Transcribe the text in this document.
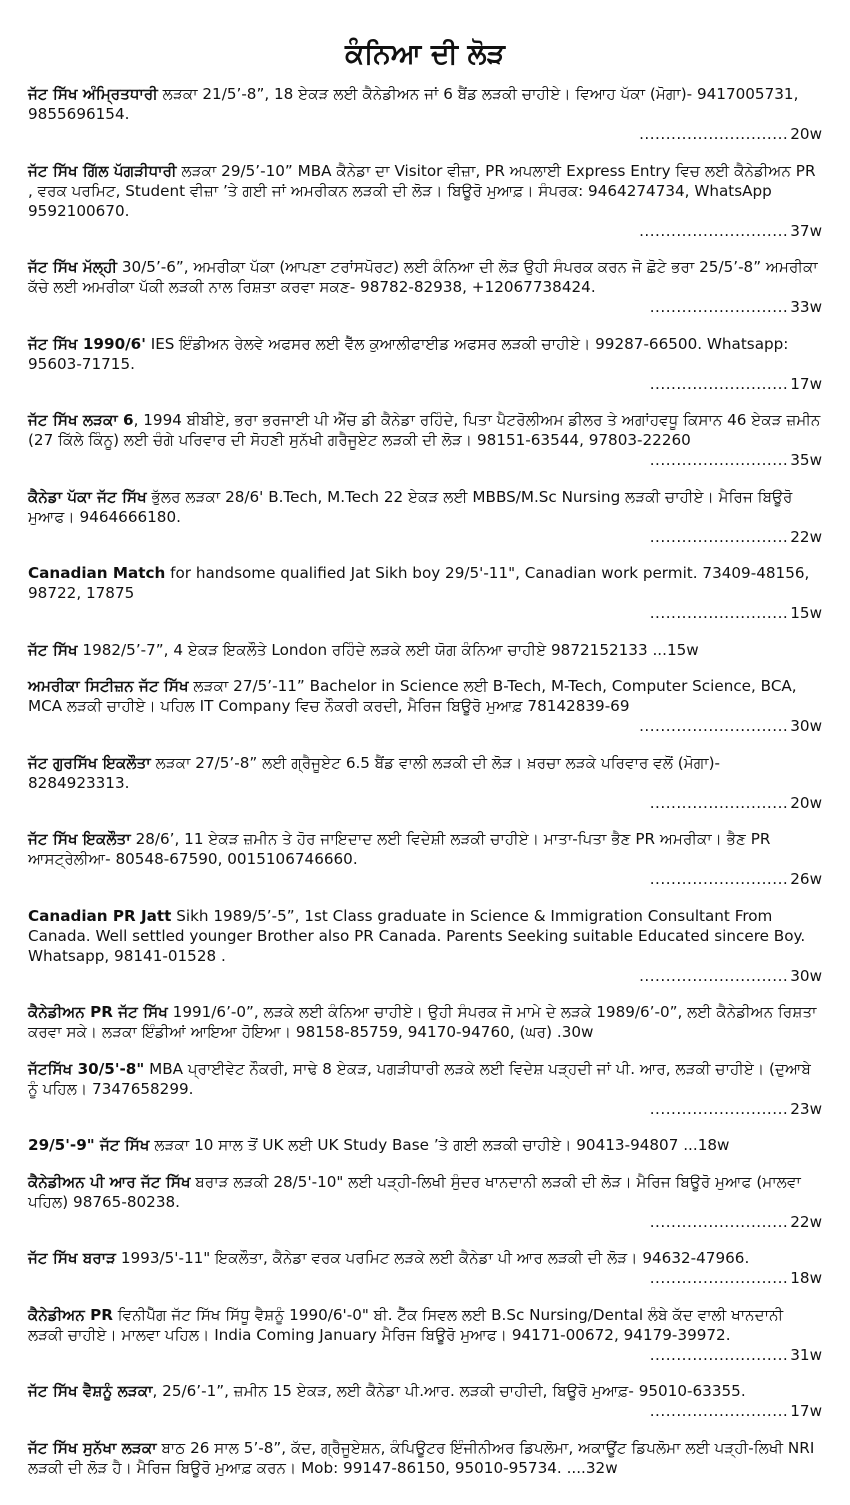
ਕੰਨਿਆ ਦੀ ਲੋੜ
ਜੱਟ ਸਿੱਖ ਅੰਮ੍ਰਿਤਧਾਰੀ ਲੜਕਾ 21/5’-8”, 18 ਏਕੜ ਲਈ ਕੈਨੇਡੀਅਨ ਜਾਂ 6 ਬੈਂਡ ਲੜਕੀ ਚਾਹੀਏ। ਵਿਆਹ ਪੱਕਾ (ਮੋਗਾ)- 9417005731, 9855696154.
............................ 20w
ਜੱਟ ਸਿੱਖ ਗਿੱਲ ਪੱਗੜੀਧਾਰੀ ਲੜਕਾ 29/5’-10” MBA ਕੈਨੇਡਾ ਦਾ Visitor ਵੀਜ਼ਾ, PR ਅਪਲਾਈ Express Entry ਵਿਚ ਲਈ ਕੈਨੇਡੀਅਨ PR , ਵਰਕ ਪਰਮਿਟ, Student ਵੀਜ਼ਾ ’ਤੇ ਗਈ ਜਾਂ ਅਮਰੀਕਨ ਲੜਕੀ ਦੀ ਲੋੜ। ਬਿਊਰੋ ਮੁਆਫ਼। ਸੰਪਰਕ: 9464274734, WhatsApp 9592100670.
............................ 37w
ਜੱਟ ਸਿੱਖ ਮੱਲ੍ਹੀ 30/5’-6”, ਅਮਰੀਕਾ ਪੱਕਾ (ਆਪਣਾ ਟਰਾਂਸਪੋਰਟ) ਲਈ ਕੰਨਿਆ ਦੀ ਲੋੜ ਉਹੀ ਸੰਪਰਕ ਕਰਨ ਜੋ ਛੋਟੇ ਭਰਾ 25/5’-8” ਅਮਰੀਕਾ ਕੱਚੇ ਲਈ ਅਮਰੀਕਾ ਪੱਕੀ ਲੜਕੀ ਨਾਲ ਰਿਸ਼ਤਾ ਕਰਵਾ ਸਕਣ- 98782-82938, +12067738424.
.......................... 33w
ਜੱਟ ਸਿੱਖ 1990/6' IES ਇੰਡੀਅਨ ਰੇਲਵੇ ਅਫਸਰ ਲਈ ਵੈੱਲ ਕੁਆਲੀਫਾਈਡ ਅਫਸਰ ਲੜਕੀ ਚਾਹੀਏ। 99287-66500. Whatsapp: 95603-71715.
.......................... 17w
ਜੱਟ ਸਿੱਖ ਲੜਕਾ 6, 1994 ਬੀਬੀਏ, ਭਰਾ ਭਰਜਾਈ ਪੀ ਐੱਚ ਡੀ ਕੈਨੇਡਾ ਰਹਿੰਦੇ, ਪਿਤਾ ਪੈਟਰੋਲੀਅਮ ਡੀਲਰ ਤੇ ਅਗਾਂਹਵਧੂ ਕਿਸਾਨ 46 ਏਕੜ ਜ਼ਮੀਨ (27 ਕਿੱਲੇ ਕਿੰਨੂ) ਲਈ ਚੰਗੇ ਪਰਿਵਾਰ ਦੀ ਸੋਹਣੀ ਸੁਨੱਖੀ ਗਰੈਜੂਏਟ ਲੜਕੀ ਦੀ ਲੋੜ। 98151-63544, 97803-22260
.......................... 35w
ਕੈਨੇਡਾ ਪੱਕਾ ਜੱਟ ਸਿੱਖ ਭੁੱਲਰ ਲੜਕਾ 28/6' B.Tech, M.Tech 22 ਏਕੜ ਲਈ MBBS/M.Sc Nursing ਲੜਕੀ ਚਾਹੀਏ। ਮੈਰਿਜ ਬਿਊਰੋ ਮੁਆਫ। 9464666180.
.......................... 22w
Canadian Match for handsome qualified Jat Sikh boy 29/5'-11", Canadian work permit. 73409-48156, 98722, 17875
.......................... 15w
ਜੱਟ ਸਿੱਖ 1982/5’-7”, 4 ਏਕੜ ਇਕਲੌਤੇ London ਰਹਿੰਦੇ ਲੜਕੇ ਲਈ ਯੋਗ ਕੰਨਿਆ ਚਾਹੀਏ 9872152133 ...15w
ਅਮਰੀਕਾ ਸਿਟੀਜ਼ਨ ਜੱਟ ਸਿੱਖ ਲੜਕਾ 27/5’-11” Bachelor in Science ਲਈ B-Tech, M-Tech, Computer Science, BCA, MCA ਲੜਕੀ ਚਾਹੀਏ। ਪਹਿਲ IT Company ਵਿਚ ਨੌਕਰੀ ਕਰਦੀ, ਮੈਰਿਜ ਬਿਊਰੋ ਮੁਆਫ਼ 78142839-69
............................ 30w
ਜੱਟ ਗੁਰਸਿੱਖ ਇਕਲੌਤਾ ਲੜਕਾ 27/5’-8” ਲਈ ਗ੍ਰੈਜੂਏਟ 6.5 ਬੈਂਡ ਵਾਲੀ ਲੜਕੀ ਦੀ ਲੋੜ। ਖ਼ਰਚਾ ਲੜਕੇ ਪਰਿਵਾਰ ਵਲੋਂ (ਮੋਗਾ)- 8284923313.
.......................... 20w
ਜੱਟ ਸਿੱਖ ਇਕਲੌਤਾ 28/6’, 11 ਏਕੜ ਜ਼ਮੀਨ ਤੇ ਹੋਰ ਜਾਇਦਾਦ ਲਈ ਵਿਦੇਸ਼ੀ ਲੜਕੀ ਚਾਹੀਏ। ਮਾਤਾ-ਪਿਤਾ ਭੈਣ PR ਅਮਰੀਕਾ। ਭੈਣ PR ਆਸਟ੍ਰੇਲੀਆ- 80548-67590, 0015106746660.
.......................... 26w
Canadian PR Jatt Sikh 1989/5’-5”, 1st Class graduate in Science & Immigration Consultant From Canada. Well settled younger Brother also PR Canada. Parents Seeking suitable Educated sincere Boy. Whatsapp, 98141-01528 .
............................ 30w
ਕੈਨੇਡੀਅਨ PR ਜੱਟ ਸਿੱਖ 1991/6’-0”, ਲੜਕੇ ਲਈ ਕੰਨਿਆ ਚਾਹੀਏ। ਉਹੀ ਸੰਪਰਕ ਜੋ ਮਾਮੇ ਦੇ ਲੜਕੇ 1989/6’-0”, ਲਈ ਕੈਨੇਡੀਅਨ ਰਿਸ਼ਤਾ ਕਰਵਾ ਸਕੇ। ਲੜਕਾ ਇੰਡੀਆਂ ਆਇਆ ਹੋਇਆ। 98158-85759, 94170-94760, (ਘਰ) .30w
ਜੱਟਸਿੱਖ 30/5'-8" MBA ਪ੍ਰਾਈਵੇਟ ਨੌਕਰੀ, ਸਾਢੇ 8 ਏਕੜ, ਪਗੜੀਧਾਰੀ ਲੜਕੇ ਲਈ ਵਿਦੇਸ਼ ਪੜ੍ਹਦੀ ਜਾਂ ਪੀ. ਆਰ, ਲੜਕੀ ਚਾਹੀਏ। (ਦੁਆਬੇ ਨੂੰ ਪਹਿਲ। 7347658299.
.......................... 23w
29/5'-9" ਜੱਟ ਸਿੱਖ ਲੜਕਾ 10 ਸਾਲ ਤੋਂ UK ਲਈ UK Study Base ’ਤੇ ਗਈ ਲੜਕੀ ਚਾਹੀਏ। 90413-94807 ...18w
ਕੈਨੇਡੀਅਨ ਪੀ ਆਰ ਜੱਟ ਸਿੱਖ ਬਰਾੜ ਲੜਕੀ 28/5'-10" ਲਈ ਪੜ੍ਹੀ-ਲਿਖੀ ਸੁੰਦਰ ਖਾਨਦਾਨੀ ਲੜਕੀ ਦੀ ਲੋੜ। ਮੈਰਿਜ ਬਿਊਰੋ ਮੁਆਫ (ਮਾਲਵਾ ਪਹਿਲ) 98765-80238.
.......................... 22w
ਜੱਟ ਸਿੱਖ ਬਰਾੜ 1993/5'-11" ਇਕਲੌਤਾ, ਕੈਨੇਡਾ ਵਰਕ ਪਰਮਿਟ ਲੜਕੇ ਲਈ ਕੈਨੇਡਾ ਪੀ ਆਰ ਲੜਕੀ ਦੀ ਲੋੜ। 94632-47966.
.......................... 18w
ਕੈਨੇਡੀਅਨ PR ਵਿਨੀਪੈੱਗ ਜੱਟ ਸਿੱਖ ਸਿੱਧੂ ਵੈਸ਼ਨੂੰ 1990/6'-0" ਬੀ. ਟੈੱਕ ਸਿਵਲ ਲਈ B.Sc Nursing/Dental ਲੰਬੇ ਕੱਦ ਵਾਲੀ ਖਾਨਦਾਨੀ ਲੜਕੀ ਚਾਹੀਏ। ਮਾਲਵਾ ਪਹਿਲ। India Coming January ਮੈਰਿਜ ਬਿਊਰੋ ਮੁਆਫ। 94171-00672, 94179-39972.
.......................... 31w
ਜੱਟ ਸਿੱਖ ਵੈਸ਼ਨੂੰ ਲੜਕਾ, 25/6’-1”, ਜ਼ਮੀਨ 15 ਏਕੜ, ਲਈ ਕੈਨੇਡਾ ਪੀ.ਆਰ. ਲੜਕੀ ਚਾਹੀਦੀ, ਬਿਊਰੋ ਮੁਆਫ਼- 95010-63355.
.......................... 17w
ਜੱਟ ਸਿੱਖ ਸੁਨੱਖਾ ਲੜਕਾ ਬਾਠ 26 ਸਾਲ 5’-8”, ਕੱਦ, ਗ੍ਰੈਜੂਏਸ਼ਨ, ਕੰਪਿਊਟਰ ਇੰਜੀਨੀਅਰ ਡਿਪਲੋਮਾ, ਅਕਾਊਂਟ ਡਿਪਲੋਮਾ ਲਈ ਪੜ੍ਹੀ-ਲਿਖੀ NRI ਲੜਕੀ ਦੀ ਲੋੜ ਹੈ। ਮੈਰਿਜ ਬਿਊਰੋ ਮੁਆਫ਼ ਕਰਨ। Mob: 99147-86150, 95010-95734. ....32w
